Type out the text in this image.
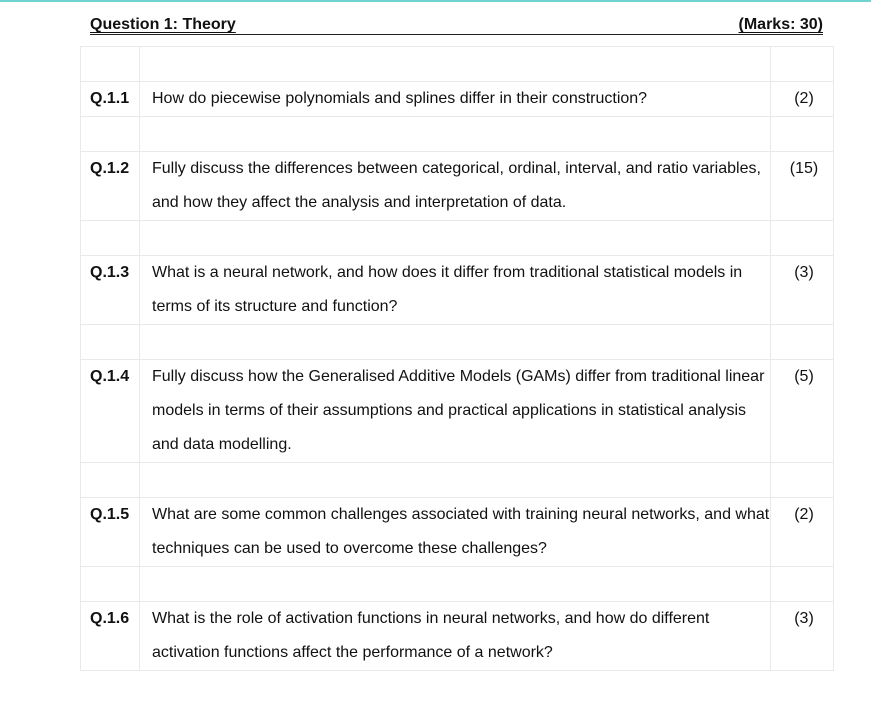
Question 1: Theory	(Marks: 30)

Q.1.1	How do piecewise polynomials and splines differ in their construction?	(2)

Q.1.2	Fully discuss the differences between categorical, ordinal, interval, and ratio variables, and how they affect the analysis and interpretation of data.	(15)

Q.1.3	What is a neural network, and how does it differ from traditional statistical models in terms of its structure and function?	(3)

Q.1.4	Fully discuss how the Generalised Additive Models (GAMs) differ from traditional linear models in terms of their assumptions and practical applications in statistical analysis and data modelling.	(5)

Q.1.5	What are some common challenges associated with training neural networks, and what techniques can be used to overcome these challenges?	(2)

Q.1.6	What is the role of activation functions in neural networks, and how do different activation functions affect the performance of a network?	(3)
